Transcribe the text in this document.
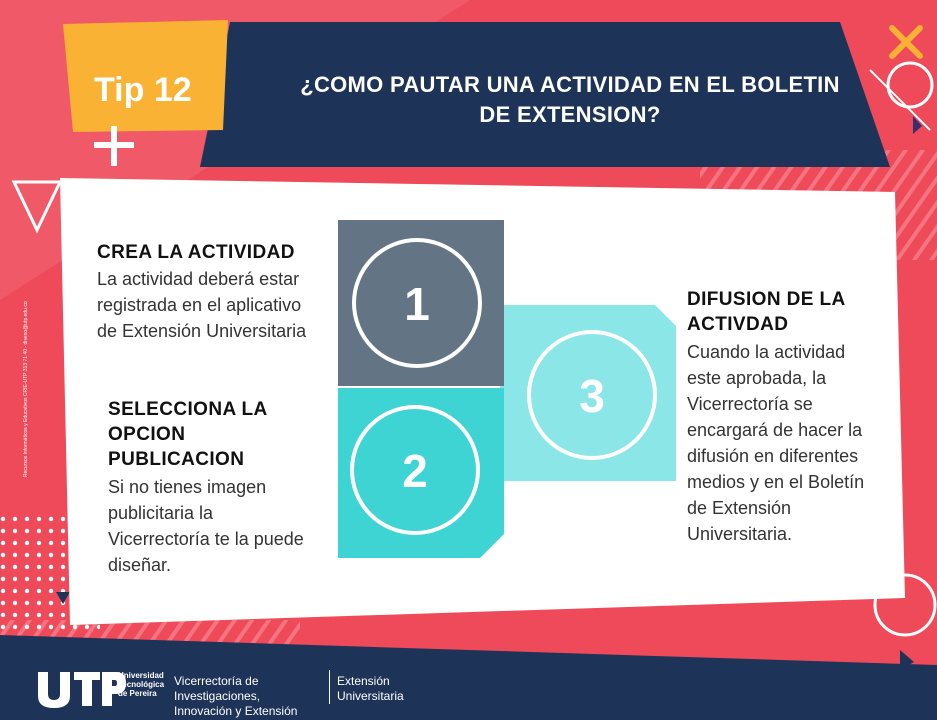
¿COMO PAUTAR UNA ACTIVIDAD EN EL BOLETIN
DE EXTENSION?
Tip 12
1
2
3
CREA LA ACTIVIDAD
La actividad deberá estar
registrada en el aplicativo
de Extensión Universitaria
SELECCIONA LA
OPCION
PUBLICACION
Si no tienes imagen
publicitaria la
Vicerrectoría te la puede
diseñar.
DIFUSION DE LA
ACTIVDAD
Cuando la actividad
este aprobada, la
Vicerrectoría se
encargará de hacer la
difusión en diferentes
medios y en el Boletín
de Extensión
Universitaria.
Recursos Informáticos y Educativos CRIE-UTP 313 71 40 - diseno@utp.edu.co
Universidad
Tecnológica
de Pereira
Vicerrectoría de Investigaciones,
Innovación y Extensión
Extensión
Universitaria
